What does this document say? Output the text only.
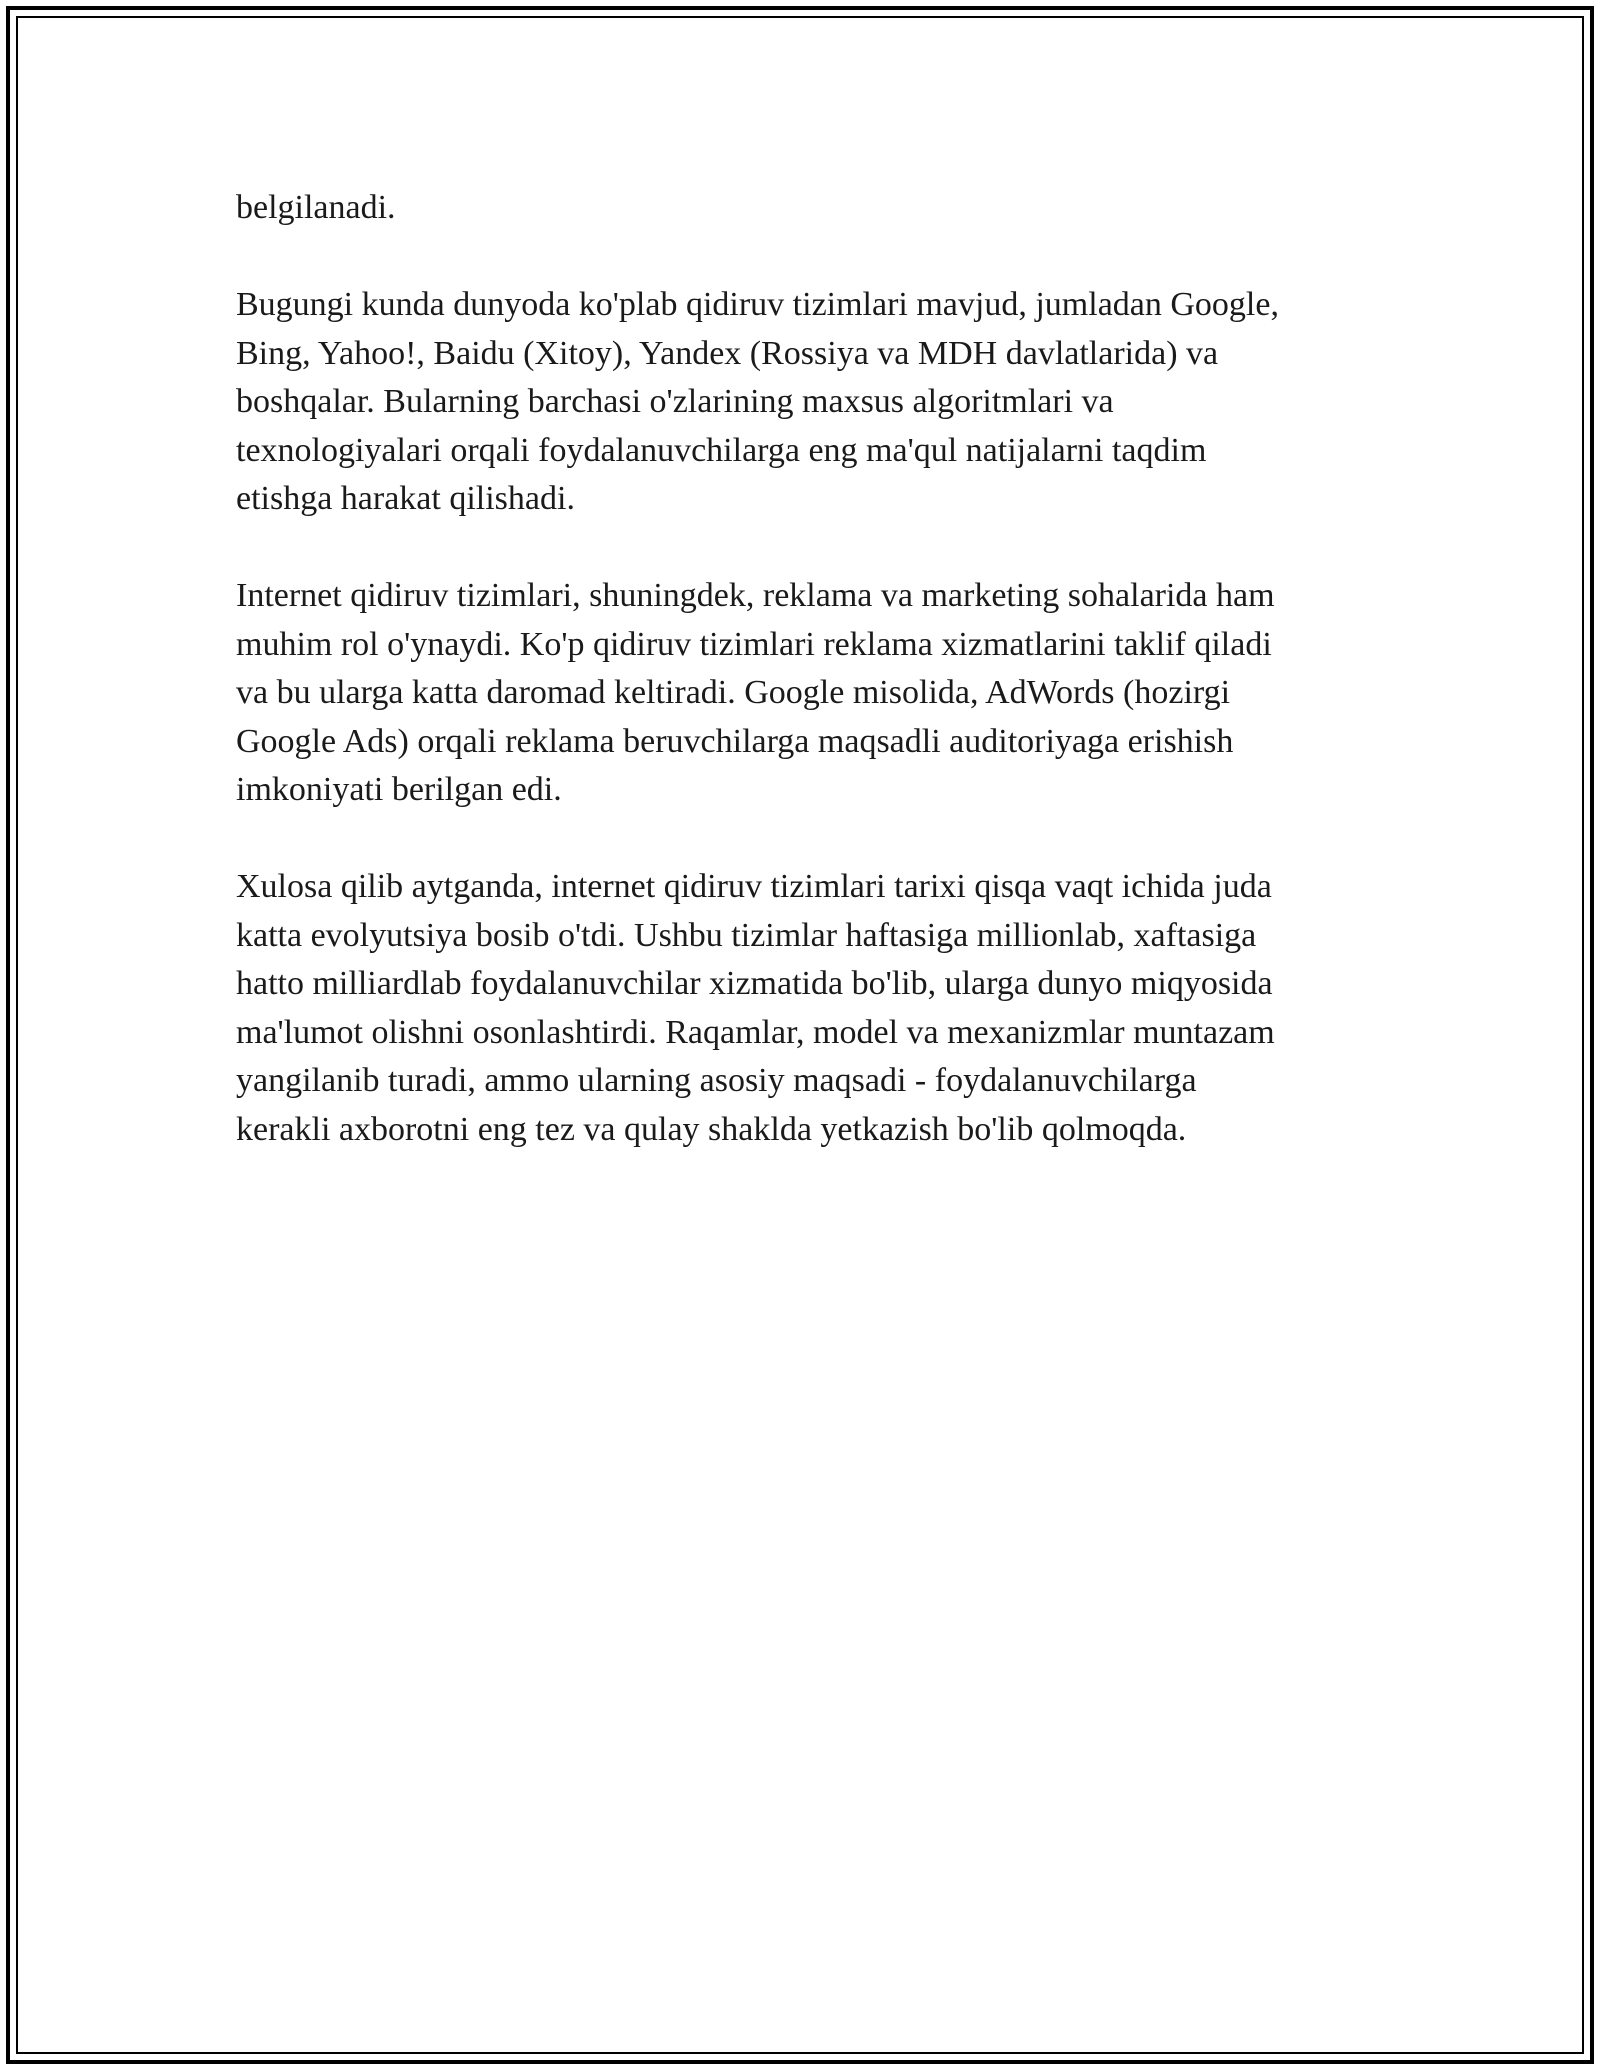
belgilanadi.

Bugungi kunda dunyoda ko'plab qidiruv tizimlari mavjud, jumladan Google,
Bing, Yahoo!, Baidu (Xitoy), Yandex (Rossiya va MDH davlatlarida) va
boshqalar. Bularning barchasi o'zlarining maxsus algoritmlari va
texnologiyalari orqali foydalanuvchilarga eng ma'qul natijalarni taqdim
etishga harakat qilishadi.

Internet qidiruv tizimlari, shuningdek, reklama va marketing sohalarida ham
muhim rol o'ynaydi. Ko'p qidiruv tizimlari reklama xizmatlarini taklif qiladi
va bu ularga katta daromad keltiradi. Google misolida, AdWords (hozirgi
Google Ads) orqali reklama beruvchilarga maqsadli auditoriyaga erishish
imkoniyati berilgan edi.

Xulosa qilib aytganda, internet qidiruv tizimlari tarixi qisqa vaqt ichida juda
katta evolyutsiya bosib o'tdi. Ushbu tizimlar haftasiga millionlab, xaftasiga
hatto milliardlab foydalanuvchilar xizmatida bo'lib, ularga dunyo miqyosida
ma'lumot olishni osonlashtirdi. Raqamlar, model va mexanizmlar muntazam
yangilanib turadi, ammo ularning asosiy maqsadi - foydalanuvchilarga
kerakli axborotni eng tez va qulay shaklda yetkazish bo'lib qolmoqda.
